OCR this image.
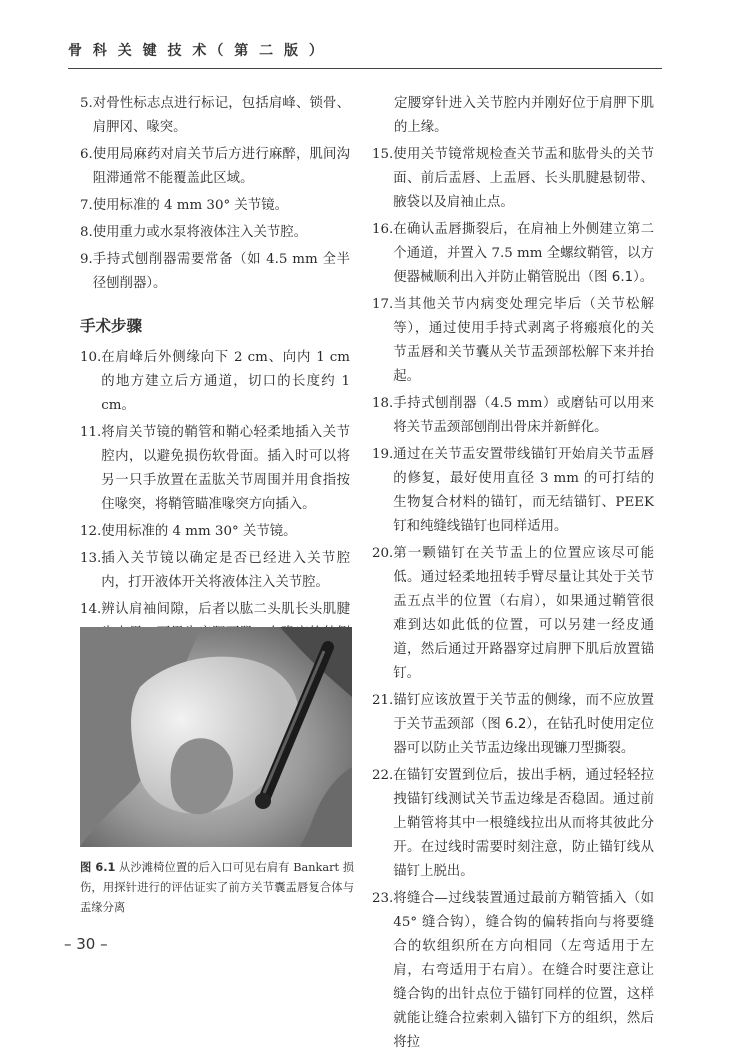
骨 科 关 键 技 术（ 第 二 版 ）
5. 对骨性标志点进行标记，包括肩峰、锁骨、肩胛冈、喙突。
6. 使用局麻药对肩关节后方进行麻醉，肌间沟阻滞通常不能覆盖此区域。
7. 使用标准的 4 mm 30° 关节镜。
8. 使用重力或水泵将液体注入关节腔。
9. 手持式刨削器需要常备（如 4.5 mm 全半径刨削器）。
手术步骤
10. 在肩峰后外侧缘向下 2 cm、向内 1 cm 的地方建立后方通道，切口的长度约 1 cm。
11. 将肩关节镜的鞘管和鞘心轻柔地插入关节腔内，以避免损伤软骨面。插入时可以将另一只手放置在盂肱关节周围并用食指按住喙突，将鞘管瞄准喙突方向插入。
12. 使用标准的 4 mm 30° 关节镜。
13. 插入关节镜以确定是否已经进入关节腔内，打开液体开关将液体注入关节腔。
14. 辨认肩袖间隙，后者以肱二头肌长头肌腱
图 6.1 从沙滩椅位置的后入口可见右肩有 Bankart 损伤，用探针进行的评估证实了前方关节囊盂唇复合体与盂缘分离

定腰穿针进入关节腔内并刚好位于肩胛下肌的上缘。

15. 使用关节镜常规检查关节盂和肱骨头的关节面、前后盂唇、上盂唇、长头肌腱悬韧带、腋袋以及肩袖止点。
16. 在确认盂唇撕裂后，在肩袖上外侧建立第二个通道，并置入 7.5 mm 全螺纹鞘管，以方便器械顺利出入并防止鞘管脱出（图 6.1）。
17. 当其他关节内病变处理完毕后（关节松解等），通过使用手持式剥离子将瘢痕化的关节盂唇和关节囊从关节盂颈部松解下来并抬起。
18. 手持式刨削器（4.5 mm）或磨钻可以用来将关节盂颈部刨削出骨床并新鲜化。
19. 通过在关节盂安置带线锚钉开始肩关节盂唇的修复，最好使用直径 3 mm 的可打结的生物复合材料的锚钉，而无结锚钉、PEEK 钉和纯缝线锚钉也同样适用。
20. 第一颗锚钉在关节盂上的位置应该尽可能低。通过轻柔地扭转手臂尽量让其处于关节盂五点半的位置（右肩），如果通过鞘管很难到达如此低的位置，可以另建一经皮通道，然后通过开路器穿过肩胛下肌后放置锚钉。
21. 锚钉应该放置于关节盂的侧缘，而不应放置于关节盂颈部（图 6.2），在钻孔时使用定位器可以防止关节盂边缘出现镰刀型撕裂。
22. 在锚钉安置到位后，拔出手柄，通过轻轻拉拽锚钉线测试关节盂边缘是否稳固。通过前上鞘管将其中一根缝线拉出从而将其彼此分开。在过线时需要时刻注意，防止锚钉线从锚钉上脱出。
23. 将缝合—过线装置通过最前方鞘管插入（如 45° 缝合钩），缝合钩的偏转指向与将要缝合的软组织所在方向相同（左弯适用于左肩，右弯适用于右肩）。在缝合时要注意让缝合钩的出针点位于锚钉同样的位置，这样就能让缝合拉索刺入锚钉下方的组织，然后将拉
– 30 –
